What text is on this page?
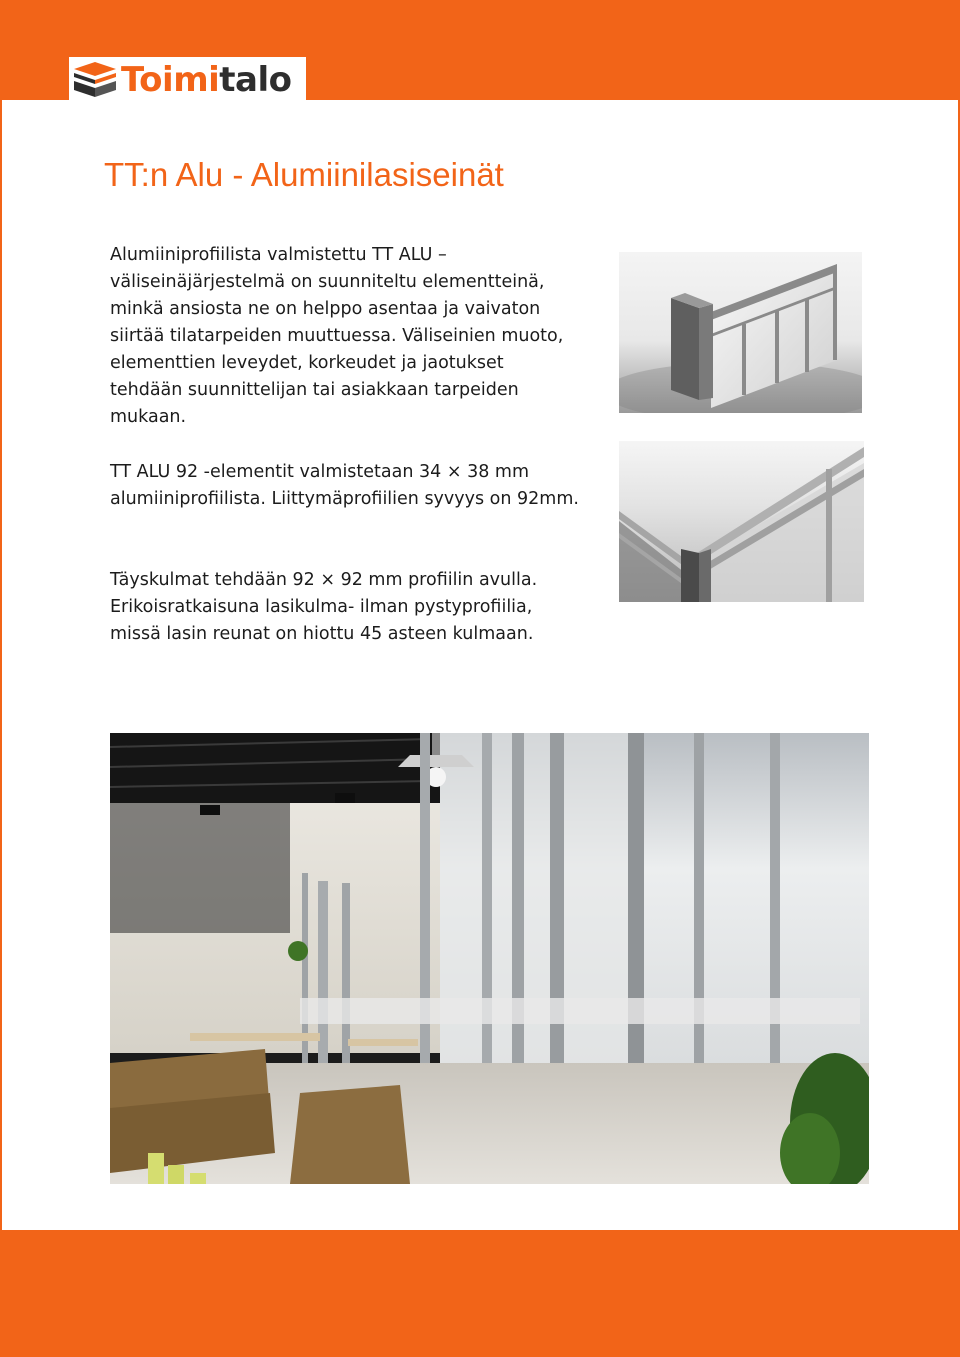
Toimitalo
TT:n Alu - Alumiinilasiseinät

Alumiiniprofiilista valmistettu TT ALU – väliseinäjärjestelmä on suunniteltu elementteinä, minkä ansiosta ne on helppo asentaa ja vaivaton siirtää tilatarpeiden muuttuessa. Väliseinien muoto, elementtien leveydet, korkeudet ja jaotukset tehdään suunnittelijan tai asiakkaan tarpeiden mukaan.

TT ALU 92 -elementit valmistetaan 34 × 38 mm alumiiniprofiilista. Liittymäprofiilien syvyys on 92mm.

Täyskulmat tehdään 92 × 92 mm profiilin avulla. Erikoisratkaisuna lasikulma- ilman pystyprofiilia, missä lasin reunat on hiottu 45 asteen kulmaan.
